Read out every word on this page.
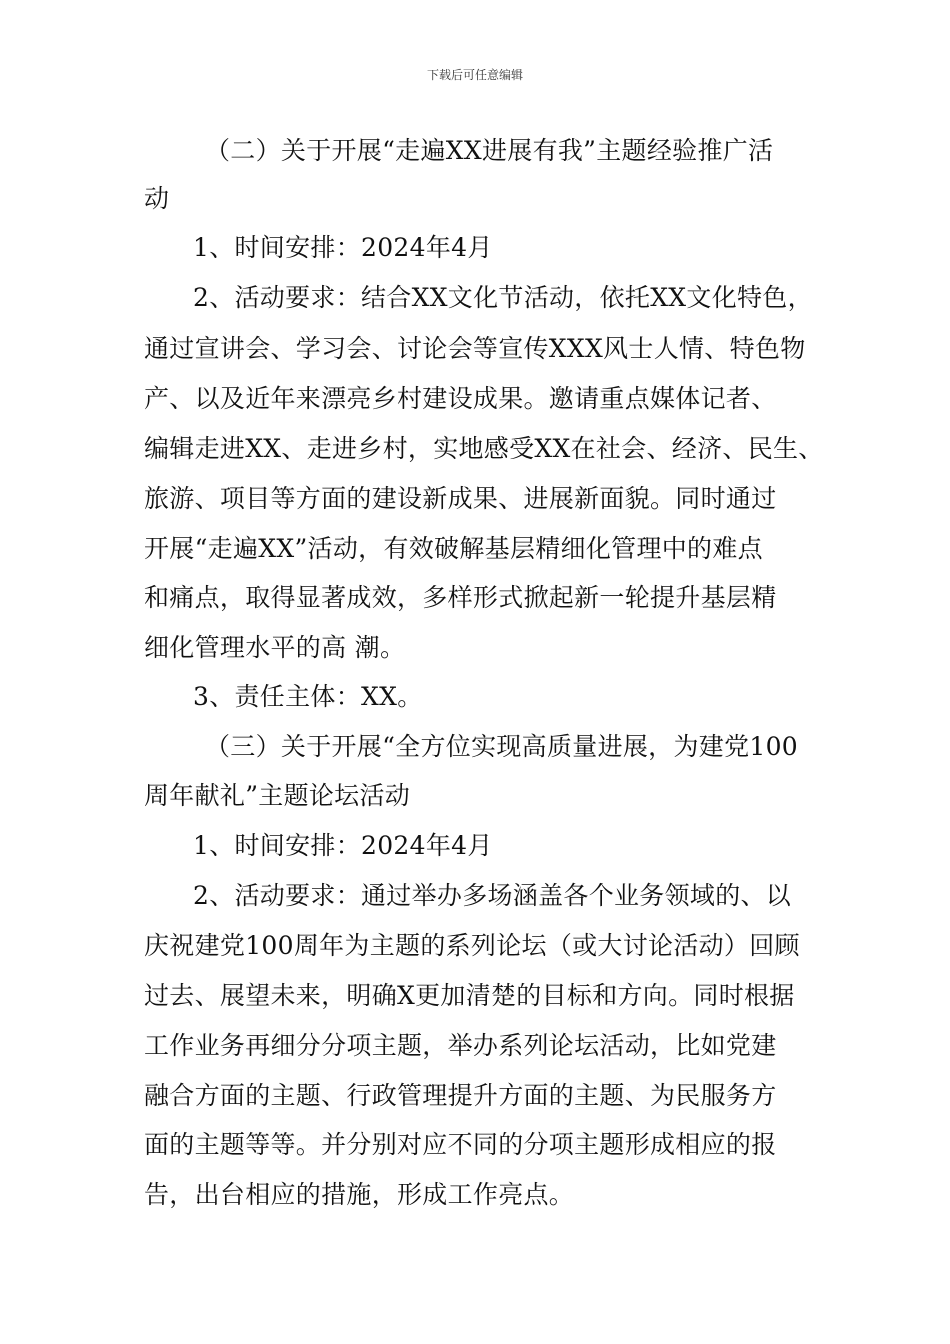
下载后可任意编辑
（二）关于开展“走遍XX进展有我”主题经验推广活
动
1、时间安排：2024年4月
2、活动要求：结合XX文化节活动，依托XX文化特色，
通过宣讲会、学习会、讨论会等宣传XXX风士人情、特色物
产、以及近年来漂亮乡村建设成果。邀请重点媒体记者、
编辑走进XX、走进乡村，实地感受XX在社会、经济、民生、
旅游、项目等方面的建设新成果、进展新面貌。同时通过
开展“走遍XX”活动，有效破解基层精细化管理中的难点
和痛点，取得显著成效，多样形式掀起新一轮提升基层精
细化管理水平的高 潮。
3、责任主体：XX。
（三）关于开展“全方位实现高质量进展，为建党100
周年献礼”主题论坛活动
1、时间安排：2024年4月
2、活动要求：通过举办多场涵盖各个业务领域的、以
庆祝建党100周年为主题的系列论坛（或大讨论活动）回顾
过去、展望未来，明确X更加清楚的目标和方向。同时根据
工作业务再细分分项主题，举办系列论坛活动，比如党建
融合方面的主题、行政管理提升方面的主题、为民服务方
面的主题等等。并分别对应不同的分项主题形成相应的报
告，出台相应的措施，形成工作亮点。
